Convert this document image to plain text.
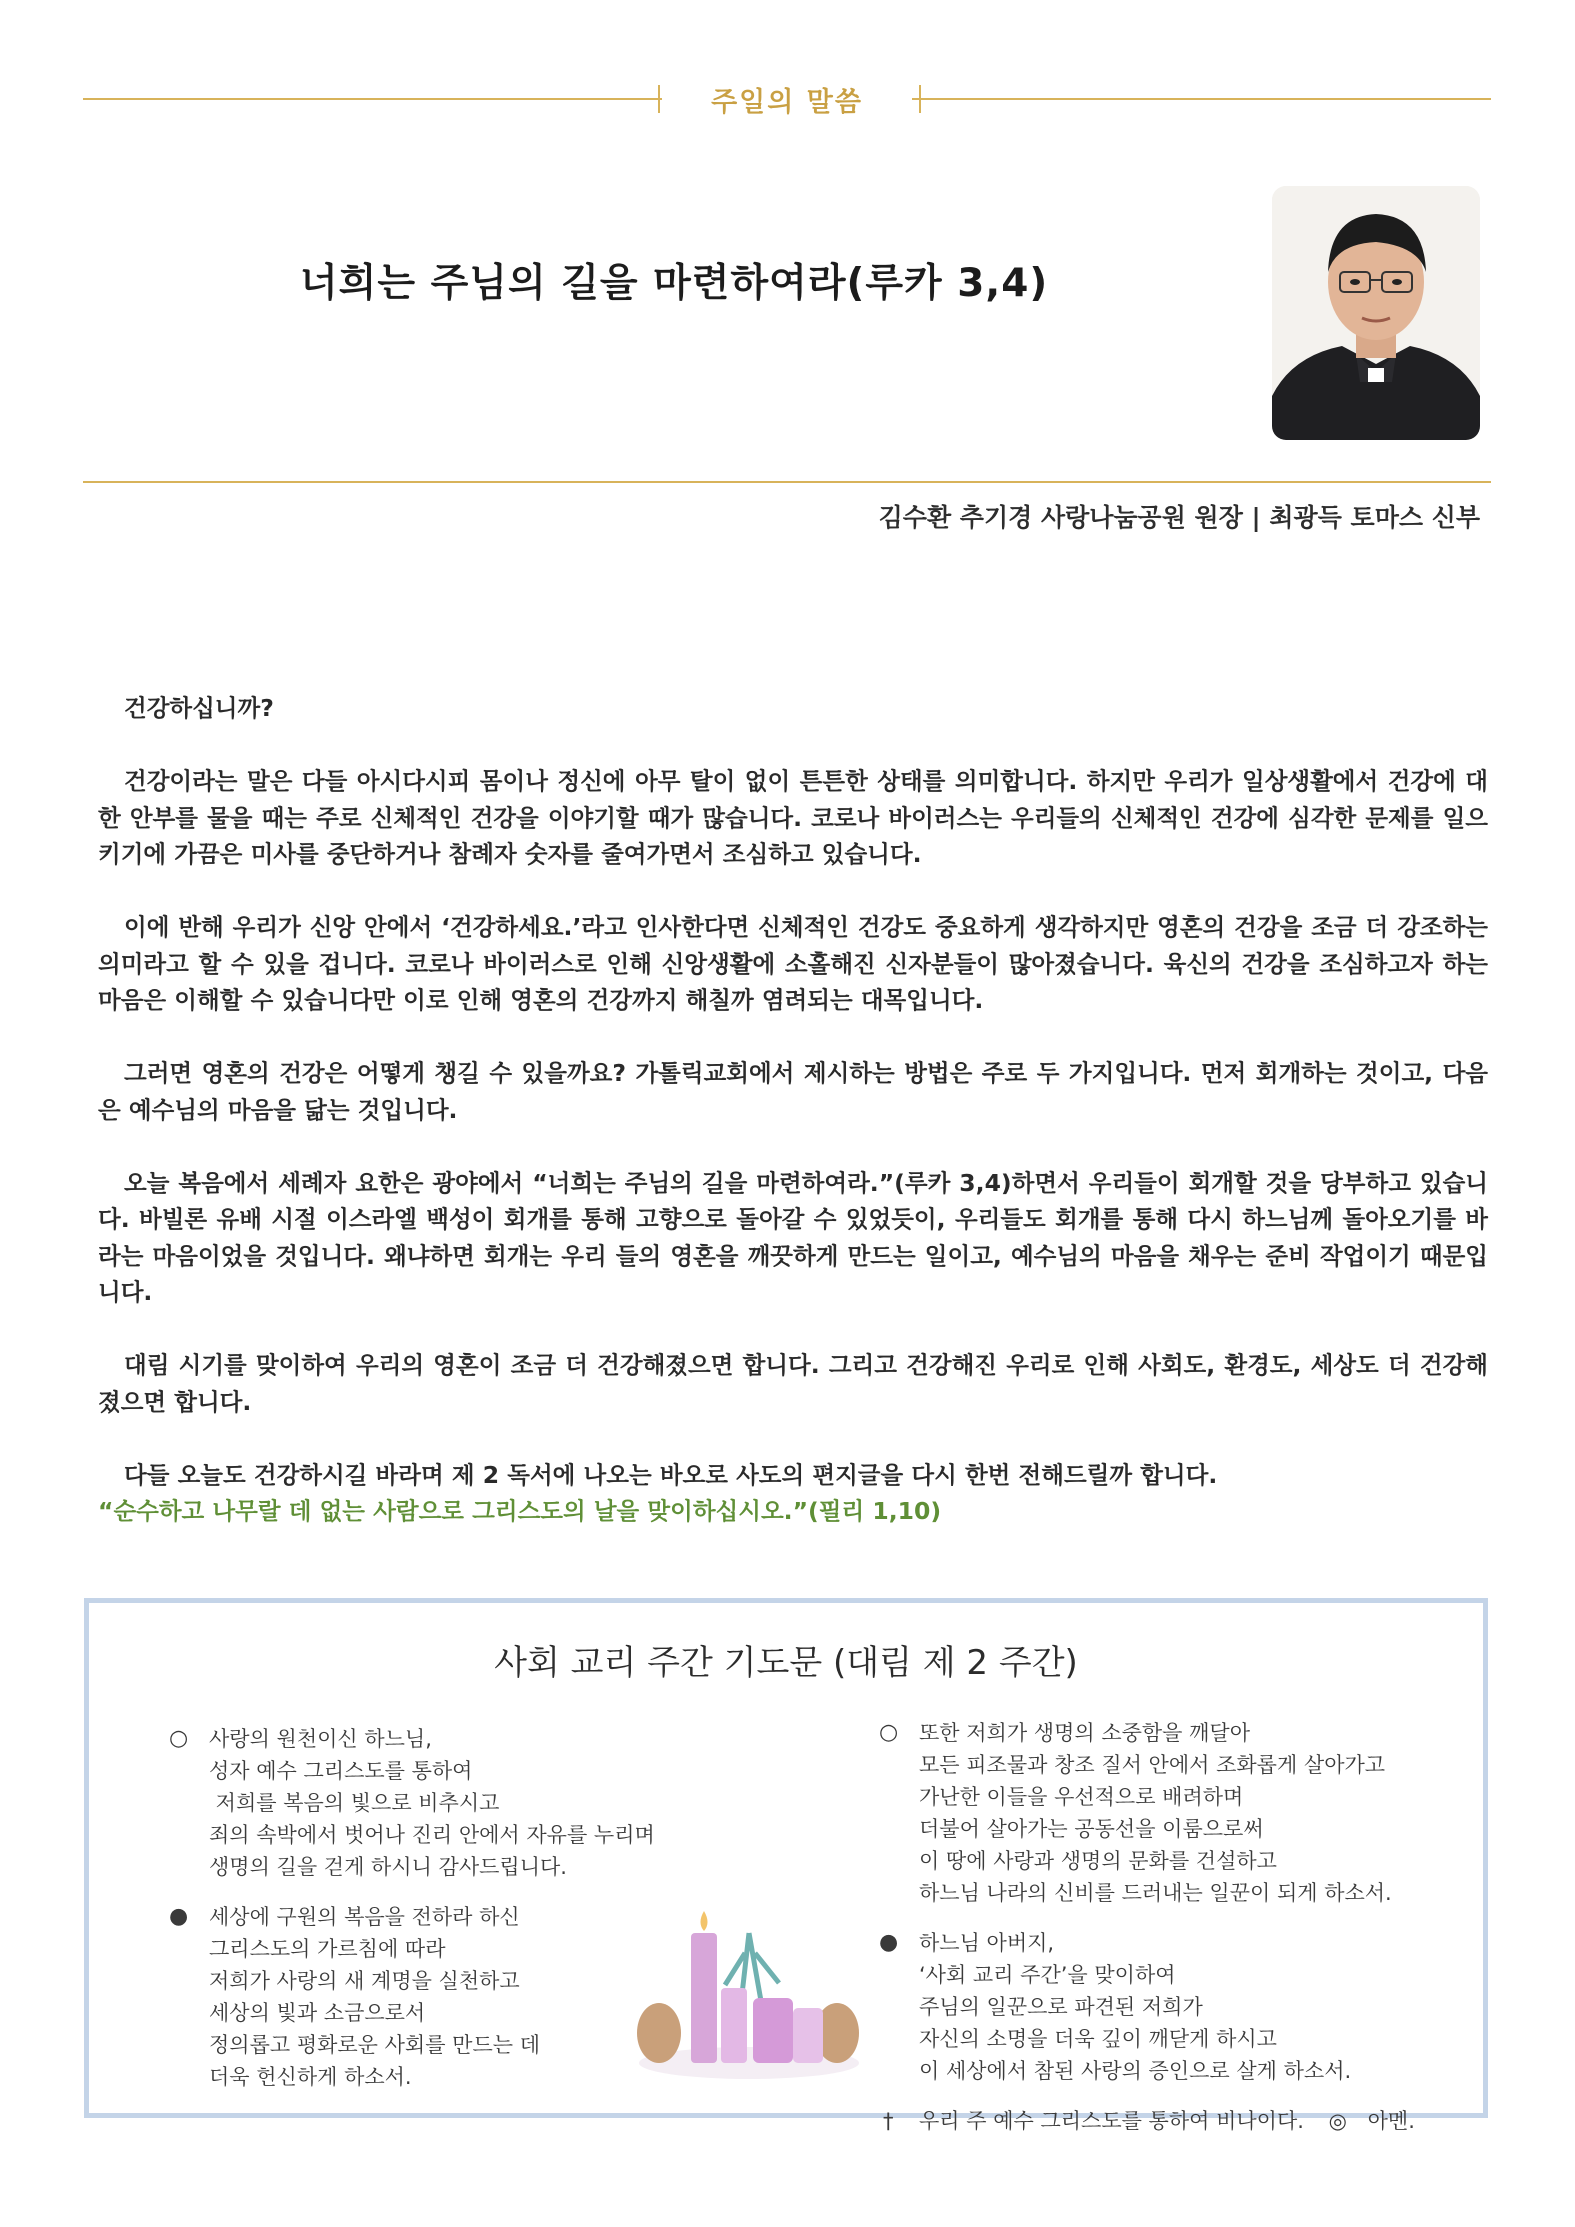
주일의 말씀
너희는 주님의 길을 마련하여라(루카 3,4)
김수환 추기경 사랑나눔공원 원장 | 최광득 토마스 신부

건강하십니까?

건강이라는 말은 다들 아시다시피 몸이나 정신에 아무 탈이 없이 튼튼한 상태를 의미합니다. 하지만 우리가 일상생활에서 건강에 대한 안부를 물을 때는 주로 신체적인 건강을 이야기할 때가 많습니다. 코로나 바이러스는 우리들의 신체적인 건강에 심각한 문제를 일으키기에 가끔은 미사를 중단하거나 참례자 숫자를 줄여가면서 조심하고 있습니다.

이에 반해 우리가 신앙 안에서 ‘건강하세요.’라고 인사한다면 신체적인 건강도 중요하게 생각하지만 영혼의 건강을 조금 더 강조하는 의미라고 할 수 있을 겁니다. 코로나 바이러스로 인해 신앙생활에 소홀해진 신자분들이 많아졌습니다. 육신의 건강을 조심하고자 하는 마음은 이해할 수 있습니다만 이로 인해 영혼의 건강까지 해칠까 염려되는 대목입니다.

그러면 영혼의 건강은 어떻게 챙길 수 있을까요? 가톨릭교회에서 제시하는 방법은 주로 두 가지입니다. 먼저 회개하는 것이고, 다음은 예수님의 마음을 닮는 것입니다.

오늘 복음에서 세례자 요한은 광야에서 “너희는 주님의 길을 마련하여라.”(루카 3,4)하면서 우리들이 회개할 것을 당부하고 있습니다. 바빌론 유배 시절 이스라엘 백성이 회개를 통해 고향으로 돌아갈 수 있었듯이, 우리들도 회개를 통해 다시 하느님께 돌아오기를 바라는 마음이었을 것입니다. 왜냐하면 회개는 우리 들의 영혼을 깨끗하게 만드는 일이고, 예수님의 마음을 채우는 준비 작업이기 때문입니다.

대림 시기를 맞이하여 우리의 영혼이 조금 더 건강해졌으면 합니다. 그리고 건강해진 우리로 인해 사회도, 환경도, 세상도 더 건강해졌으면 합니다.

다들 오늘도 건강하시길 바라며 제 2 독서에 나오는 바오로 사도의 편지글을 다시 한번 전해드릴까 합니다.
“순수하고 나무랄 데 없는 사람으로 그리스도의 날을 맞이하십시오.”(필리 1,10)

사회 교리 주간 기도문 (대림 제 2 주간)
○ 사랑의 원천이신 하느님,
성자 예수 그리스도를 통하여
저희를 복음의 빛으로 비추시고
죄의 속박에서 벗어나 진리 안에서 자유를 누리며
생명의 길을 걷게 하시니 감사드립니다.
● 세상에 구원의 복음을 전하라 하신
그리스도의 가르침에 따라
저희가 사랑의 새 계명을 실천하고
세상의 빛과 소금으로서
정의롭고 평화로운 사회를 만드는 데
더욱 헌신하게 하소서.
○ 또한 저희가 생명의 소중함을 깨달아
모든 피조물과 창조 질서 안에서 조화롭게 살아가고
가난한 이들을 우선적으로 배려하며
더불어 살아가는 공동선을 이룸으로써
이 땅에 사랑과 생명의 문화를 건설하고
하느님 나라의 신비를 드러내는 일꾼이 되게 하소서.
● 하느님 아버지,
‘사회 교리 주간’을 맞이하여
주님의 일꾼으로 파견된 저희가
자신의 소명을 더욱 깊이 깨닫게 하시고
이 세상에서 참된 사랑의 증인으로 살게 하소서.
† 우리 주 예수 그리스도를 통하여 비나이다. ◎ 아멘.
